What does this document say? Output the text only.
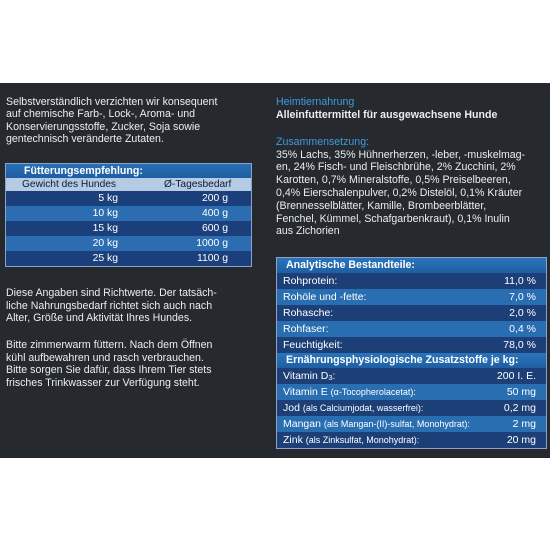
Selbstverständlich verzichten wir konsequent
auf chemische Farb-, Lock-, Aroma- und
Konservierungsstoffe, Zucker, Soja sowie
gentechnisch veränderte Zutaten.
Fütterungsempfehlung:
Gewicht des Hundes	Ø-Tagesbedarf
5 kg	200 g
10 kg	400 g
15 kg	600 g
20 kg	1000 g
25 kg	1100 g
Diese Angaben sind Richtwerte. Der tatsäch-
liche Nahrungsbedarf richtet sich auch nach
Alter, Größe und Aktivität Ihres Hundes.
Bitte zimmerwarm füttern. Nach dem Öffnen
kühl aufbewahren und rasch verbrauchen.
Bitte sorgen Sie dafür, dass Ihrem Tier stets
frisches Trinkwasser zur Verfügung steht.
Heimtiernahrung
Alleinfuttermittel für ausgewachsene Hunde
Zusammensetzung:
35% Lachs, 35% Hühnerherzen, -leber, -muskelmag-
en, 24% Fisch- und Fleischbrühe, 2% Zucchini, 2%
Karotten, 0,7% Mineralstoffe, 0,5% Preiselbeeren,
0,4% Eierschalenpulver, 0,2% Distelöl, 0,1% Kräuter
(Brennesselblätter, Kamille, Brombeerblätter,
Fenchel, Kümmel, Schafgarbenkraut), 0,1% Inulin
aus Zichorien
Analytische Bestandteile:
Rohprotein:	11,0 %
Rohöle und -fette:	7,0 %
Rohasche:	2,0 %
Rohfaser:	0,4 %
Feuchtigkeit:	78,0 %
Ernährungsphysiologische Zusatzstoffe je kg:
Vitamin D3:	200 I. E.
Vitamin E (α-Tocopherolacetat):	50 mg
Jod (als Calciumjodat, wasserfrei):	0,2 mg
Mangan (als Mangan-(II)-sulfat, Monohydrat):	2 mg
Zink (als Zinksulfat, Monohydrat):	20 mg
